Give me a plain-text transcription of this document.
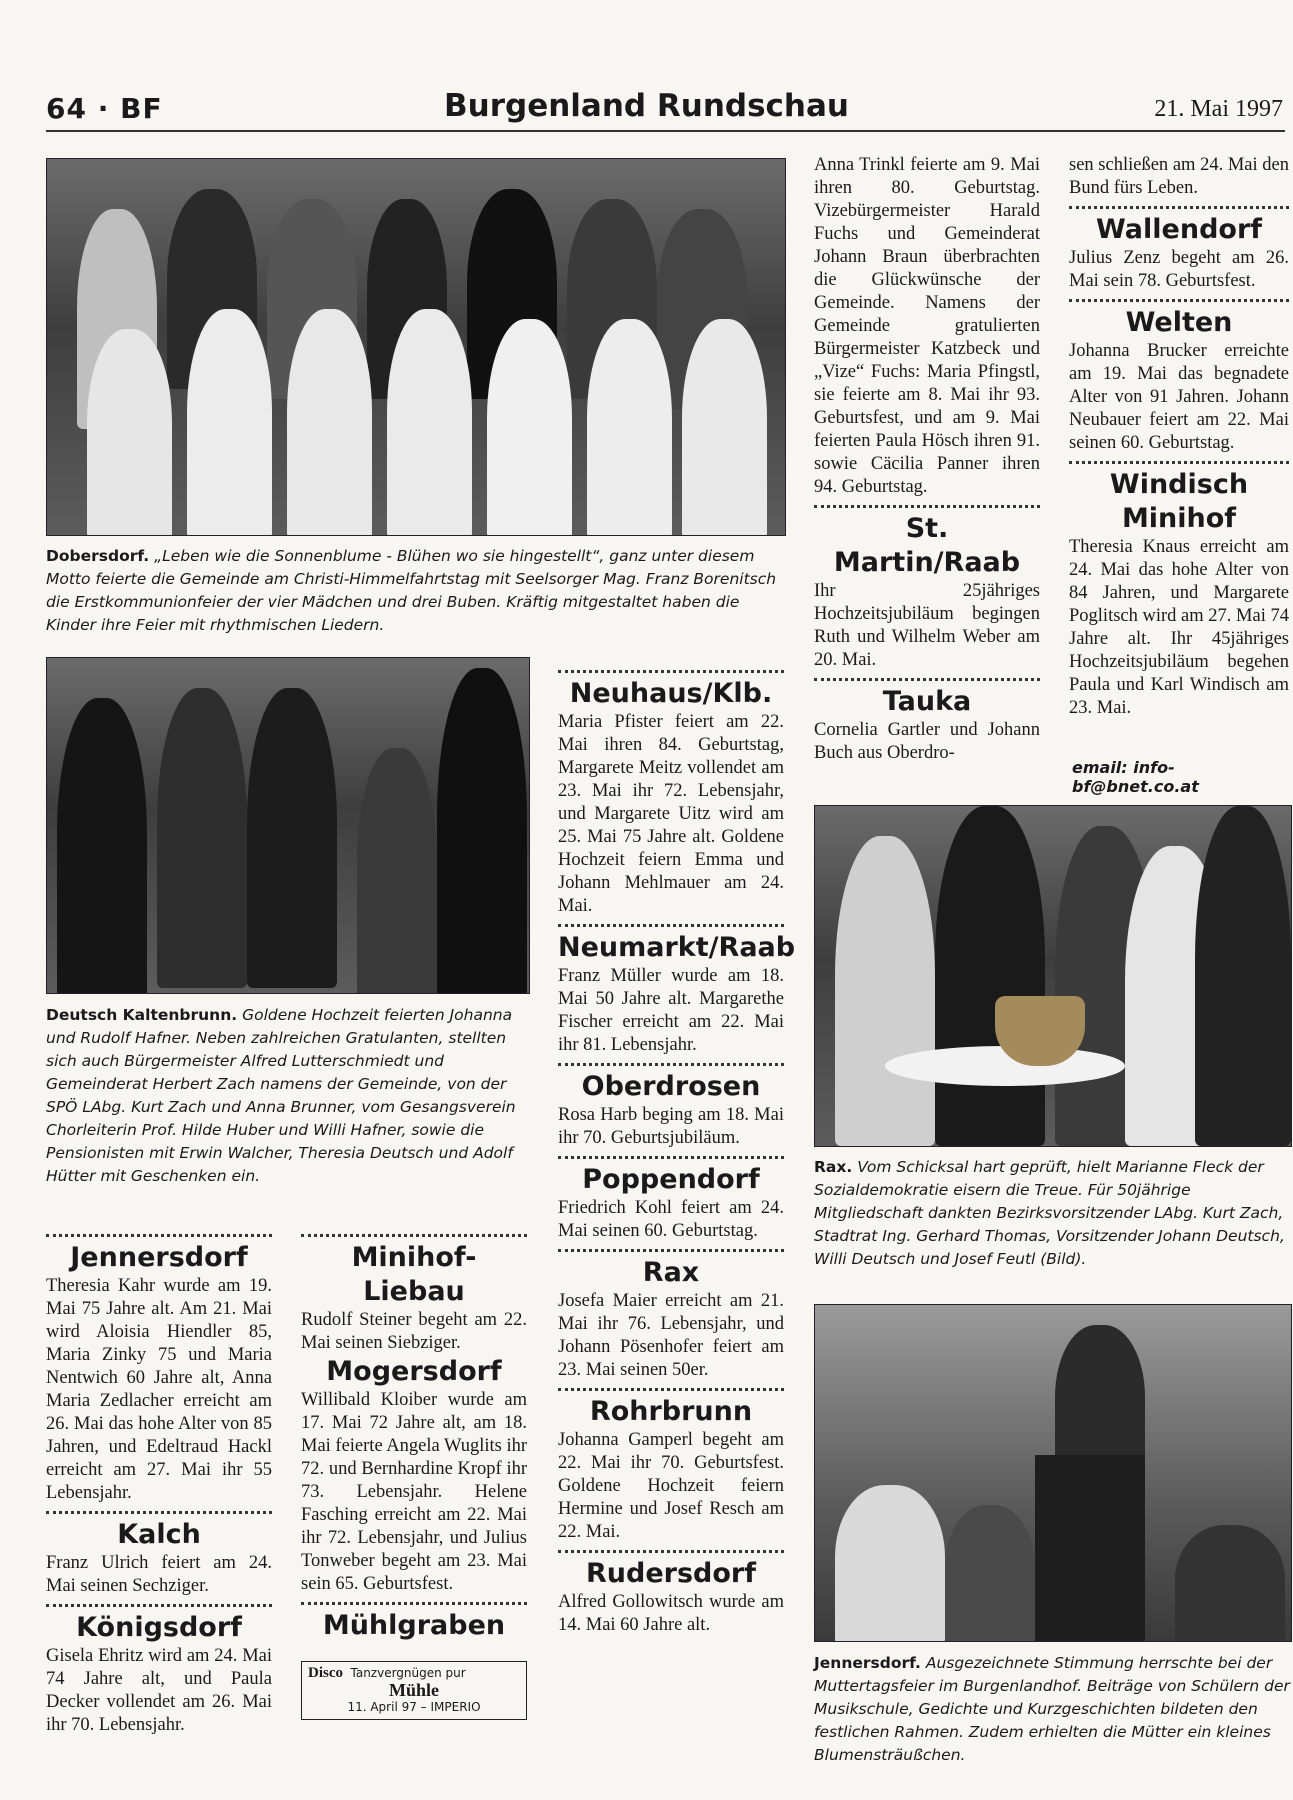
64 · BF	Burgenland Rundschau	21. Mai 1997
Dobersdorf. „Leben wie die Sonnenblume - Blühen wo sie hingestellt“, ganz unter diesem Motto feierte die Gemeinde am Christi-Himmelfahrtstag mit Seelsorger Mag. Franz Borenitsch die Erstkommunionfeier der vier Mädchen und drei Buben. Kräftig mitgestaltet haben die Kinder ihre Feier mit rhythmischen Liedern.
Deutsch Kaltenbrunn. Goldene Hochzeit feierten Johanna und Rudolf Hafner. Neben zahlreichen Gratulanten, stellten sich auch Bürgermeister Alfred Lutterschmiedt und Gemeinderat Herbert Zach namens der Gemeinde, von der SPÖ LAbg. Kurt Zach und Anna Brunner, vom Gesangsverein Chorleiterin Prof. Hilde Huber und Willi Hafner, sowie die Pensionisten mit Erwin Walcher, Theresia Deutsch und Adolf Hütter mit Geschenken ein.
Jennersdorf

Theresia Kahr wurde am 19. Mai 75 Jahre alt. Am 21. Mai wird Aloisia Hiendler 85, Maria Zinky 75 und Maria Nentwich 60 Jahre alt, Anna Maria Zedlacher erreicht am 26. Mai das hohe Alter von 85 Jahren, und Edeltraud Hackl erreicht am 27. Mai ihr 55 Lebensjahr.

Kalch

Franz Ulrich feiert am 24. Mai seinen Sechziger.

Königsdorf

Gisela Ehritz wird am 24. Mai 74 Jahre alt, und Paula Decker vollendet am 26. Mai ihr 70. Lebensjahr.

Minihof-Liebau

Rudolf Steiner begeht am 22. Mai seinen Siebziger.

Mogersdorf

Willibald Kloiber wurde am 17. Mai 72 Jahre alt, am 18. Mai feierte Angela Wuglits ihr 72. und Bernhardine Kropf ihr 73. Lebensjahr. Helene Fasching erreicht am 22. Mai ihr 72. Lebensjahr, und Julius Tonweber begeht am 23. Mai sein 65. Geburtsfest.

Mühlgraben
Disco Tanzvergnügen pur
Mühle
11. April 97 – IMPERIO
Neuhaus/Klb.

Maria Pfister feiert am 22. Mai ihren 84. Geburtstag, Margarete Meitz vollendet am 23. Mai ihr 72. Lebensjahr, und Margarete Uitz wird am 25. Mai 75 Jahre alt. Goldene Hochzeit feiern Emma und Johann Mehlmauer am 24. Mai.

Neumarkt/Raab

Franz Müller wurde am 18. Mai 50 Jahre alt. Margarethe Fischer erreicht am 22. Mai ihr 81. Lebensjahr.

Oberdrosen

Rosa Harb beging am 18. Mai ihr 70. Geburtsjubiläum.

Poppendorf

Friedrich Kohl feiert am 24. Mai seinen 60. Geburtstag.

Rax

Josefa Maier erreicht am 21. Mai ihr 76. Lebensjahr, und Johann Pösenhofer feiert am 23. Mai seinen 50er.

Rohrbrunn

Johanna Gamperl begeht am 22. Mai ihr 70. Geburtsfest. Goldene Hochzeit feiern Hermine und Josef Resch am 22. Mai.

Rudersdorf

Alfred Gollowitsch wurde am 14. Mai 60 Jahre alt.

Anna Trinkl feierte am 9. Mai ihren 80. Geburtstag. Vizebürgermeister Harald Fuchs und Gemeinderat Johann Braun überbrachten die Glückwünsche der Gemeinde. Namens der Gemeinde gratulierten Bürgermeister Katzbeck und „Vize“ Fuchs: Maria Pfingstl, sie feierte am 8. Mai ihr 93. Geburtsfest, und am 9. Mai feierten Paula Hösch ihren 91. sowie Cäcilia Panner ihren 94. Geburtstag.

St. Martin/Raab

Ihr 25jähriges Hochzeitsjubiläum begingen Ruth und Wilhelm Weber am 20. Mai.

Tauka

Cornelia Gartler und Johann Buch aus Oberdro-

sen schließen am 24. Mai den Bund fürs Leben.

Wallendorf

Julius Zenz begeht am 26. Mai sein 78. Geburtsfest.

Welten

Johanna Brucker erreichte am 19. Mai das begnadete Alter von 91 Jahren. Johann Neubauer feiert am 22. Mai seinen 60. Geburtstag.

Windisch Minihof

Theresia Knaus erreicht am 24. Mai das hohe Alter von 84 Jahren, und Margarete Poglitsch wird am 27. Mai 74 Jahre alt. Ihr 45jähriges Hochzeitsjubiläum begehen Paula und Karl Windisch am 23. Mai.

email: info-bf@bnet.co.at
Rax. Vom Schicksal hart geprüft, hielt Marianne Fleck der Sozialdemokratie eisern die Treue. Für 50jährige Mitgliedschaft dankten Bezirksvorsitzender LAbg. Kurt Zach, Stadtrat Ing. Gerhard Thomas, Vorsitzender Johann Deutsch, Willi Deutsch und Josef Feutl (Bild).
Jennersdorf. Ausgezeichnete Stimmung herrschte bei der Muttertagsfeier im Burgenlandhof. Beiträge von Schülern der Musikschule, Gedichte und Kurzgeschichten bildeten den festlichen Rahmen. Zudem erhielten die Mütter ein kleines Blumensträußchen.
